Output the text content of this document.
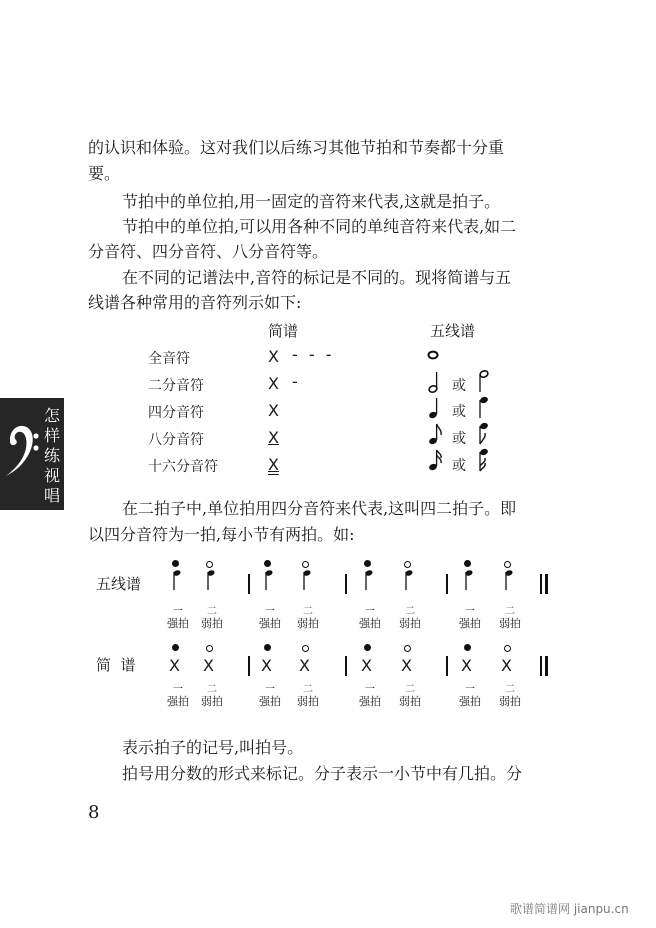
的认识和体验。这对我们以后练习其他节拍和节奏都十分重

要。

节拍中的单位拍,用一固定的音符来代表,这就是拍子。

节拍中的单位拍,可以用各种不同的单纯音符来代表,如二

分音符、四分音符、八分音符等。

在不同的记谱法中,音符的标记是不同的。现将简谱与五

线谱各种常用的音符列示如下:

怎
样
练
视
唱
简谱	五线谱
全音符	X - - -
二分音符	X -	或
四分音符	X	或
八分音符	X	或
十六分音符	X	或

在二拍子中,单位拍用四分音符来代表,这叫四二拍子。即

以四分音符为一拍,每小节有两拍。如:

五线谱
一
强拍
二
弱拍
一
强拍
二
弱拍
一
强拍
二
弱拍
一
强拍
二
弱拍
简  谱 X X
一
强拍
二
弱拍
X X
一
强拍
二
弱拍
X X
一
强拍
二
弱拍
X X
一
强拍
二
弱拍

表示拍子的记号,叫拍号。

拍号用分数的形式来标记。分子表示一小节中有几拍。分

8
歌谱简谱网 jianpu.cn
